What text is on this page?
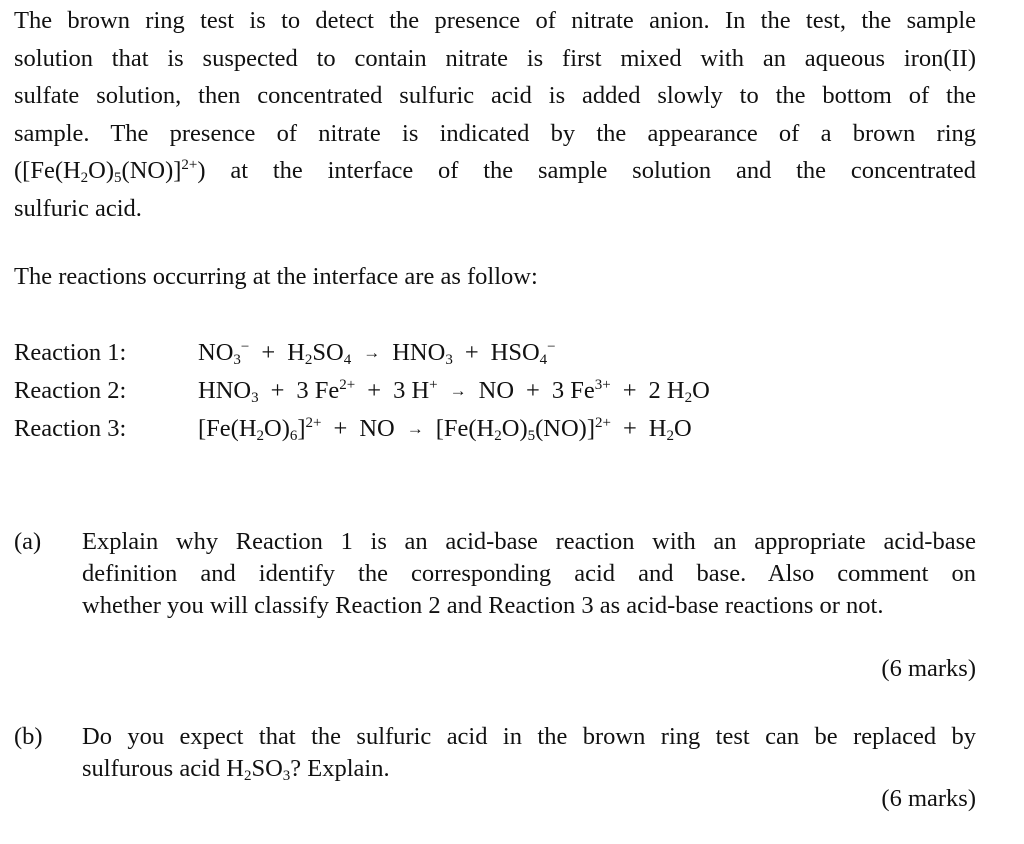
The brown ring test is to detect the presence of nitrate anion. In the test, the sample
solution that is suspected to contain nitrate is first mixed with an aqueous iron(II)
sulfate solution, then concentrated sulfuric acid is added slowly to the bottom of the
sample. The presence of nitrate is indicated by the appearance of a brown ring
$([Fe(H_2O)_5(NO)]^{2+})$ at the interface of the sample solution and the concentrated
sulfuric acid.
The reactions occurring at the interface are as follow:
Reaction 1:	$NO_3^- + H_2SO_4 \to HNO_3 + HSO_4^-$
Reaction 2:	$HNO_3 + 3$ $Fe^{2+} + 3$ H+ → NO + 3 $Fe^{3+} + 2$ $H_2O$
Reaction 3:	$[Fe(H_2O)_6]^{2+}$ + NO → $[Fe(H_2O)_5(NO)]^{2+} + H_2O$
(a) Explain why Reaction 1 is an acid-base reaction with an appropriate acid-base
definition and identify the corresponding acid and base. Also comment on
whether you will classify Reaction 2 and Reaction 3 as acid-base reactions or not.
(6 marks)
(b) Do you expect that the sulfuric acid in the brown ring test can be replaced by
sulfurous acid $H_2SO_3$? Explain.
(6 marks)
